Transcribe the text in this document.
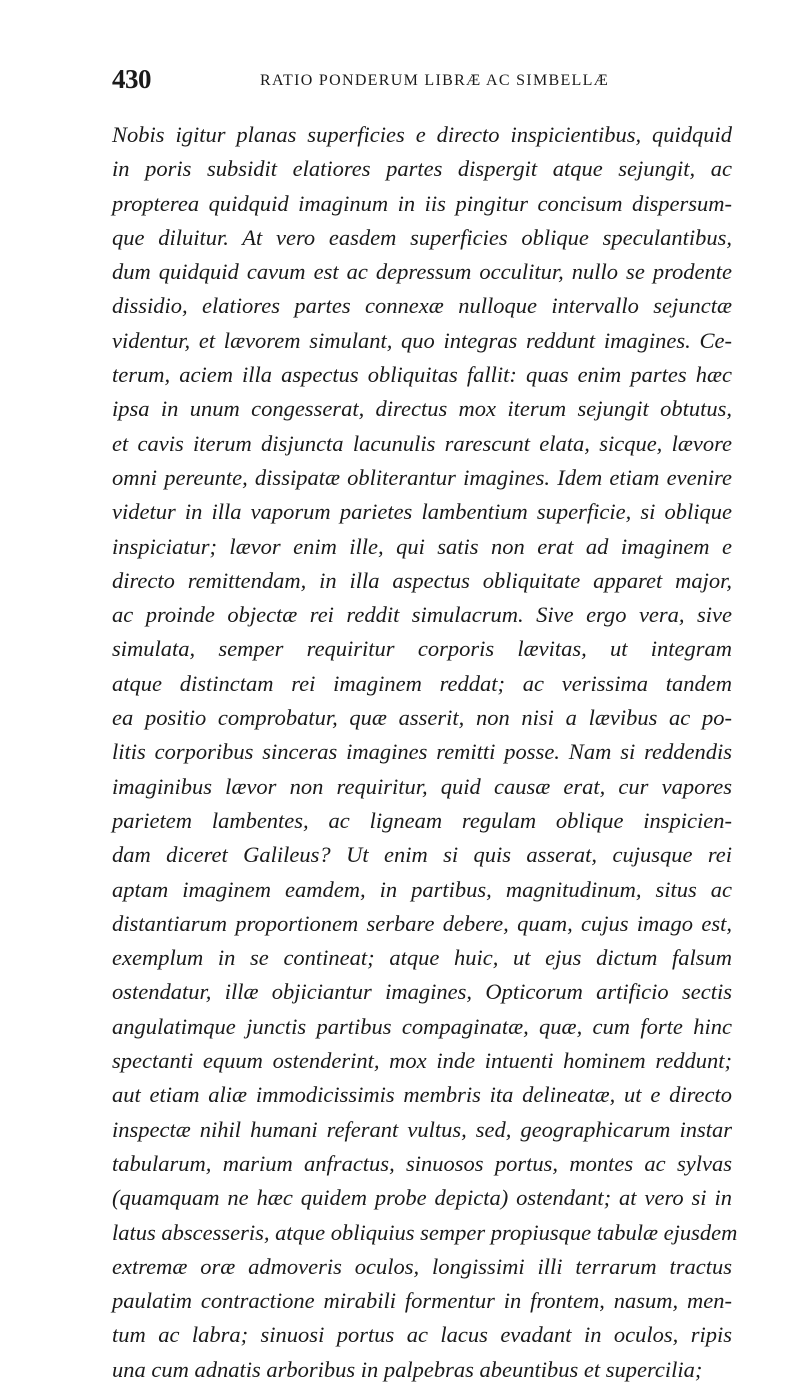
430	RATIO PONDERUM LIBRÆ AC SIMBELLÆ
Nobis igitur planas superficies e directo inspicientibus, quidquid
in poris subsidit elatiores partes dispergit atque sejungit, ac
propterea quidquid imaginum in iis pingitur concisum dispersum-
que diluitur. At vero easdem superficies oblique speculantibus,
dum quidquid cavum est ac depressum occulitur, nullo se prodente
dissidio, elatiores partes connexæ nulloque intervallo sejunctæ
videntur, et lævorem simulant, quo integras reddunt imagines. Ce-
terum, aciem illa aspectus obliquitas fallit: quas enim partes hæc
ipsa in unum congesserat, directus mox iterum sejungit obtutus,
et cavis iterum disjuncta lacunulis rarescunt elata, sicque, lævore
omni pereunte, dissipatæ obliterantur imagines. Idem etiam evenire
videtur in illa vaporum parietes lambentium superficie, si oblique
inspiciatur; lævor enim ille, qui satis non erat ad imaginem e
directo remittendam, in illa aspectus obliquitate apparet major,
ac proinde objectæ rei reddit simulacrum. Sive ergo vera, sive
simulata, semper requiritur corporis lævitas, ut integram
atque distinctam rei imaginem reddat; ac verissima tandem
ea positio comprobatur, quæ asserit, non nisi a lævibus ac po-
litis corporibus sinceras imagines remitti posse. Nam si reddendis
imaginibus lævor non requiritur, quid causæ erat, cur vapores
parietem lambentes, ac ligneam regulam oblique inspicien-
dam diceret Galileus? Ut enim si quis asserat, cujusque rei
aptam imaginem eamdem, in partibus, magnitudinum, situs ac
distantiarum proportionem serbare debere, quam, cujus imago est,
exemplum in se contineat; atque huic, ut ejus dictum falsum
ostendatur, illæ objiciantur imagines, Opticorum artificio sectis
angulatimque junctis partibus compaginatæ, quæ, cum forte hinc
spectanti equum ostenderint, mox inde intuenti hominem reddunt;
aut etiam aliæ immodicissimis membris ita delineatæ, ut e directo
inspectæ nihil humani referant vultus, sed, geographicarum instar
tabularum, marium anfractus, sinuosos portus, montes ac sylvas
(quamquam ne hæc quidem probe depicta) ostendant; at vero si in
latus abscesseris, atque obliquius semper propiusque tabulæ ejusdem
extremæ oræ admoveris oculos, longissimi illi terrarum tractus
paulatim contractione mirabili formentur in frontem, nasum, men-
tum ac labra; sinuosi portus ac lacus evadant in oculos, ripis
una cum adnatis arboribus in palpebras abeuntibus et supercilia;
